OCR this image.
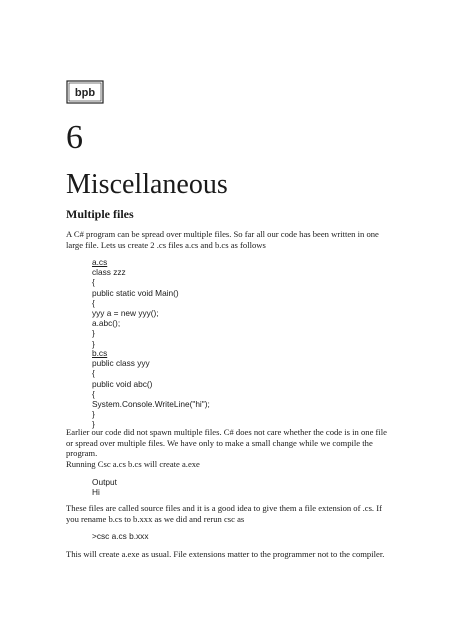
bpb
6
Miscellaneous
Multiple files

A C# program can be spread over multiple files. So far all our code has been written in one large file. Lets us create 2 .cs files a.cs and b.cs as follows

a.cs
class zzz
{
public static void Main()
{
yyy a = new yyy();
a.abc();
}
}
b.cs
public class yyy
{
public void abc()
{
System.Console.WriteLine("hi");
}
}

Earlier our code did not spawn multiple files. C# does not care whether the code is in one file or spread over multiple files. We have only to make a small change while we compile the program.

Running Csc a.cs b.cs will create a.exe

Output
Hi

These files are called source files and it is a good idea to give them a file extension of .cs. If you rename b.cs to b.xxx as we did and rerun csc as

>csc a.cs b.xxx

This will create a.exe as usual. File extensions matter to the programmer not to the compiler.
